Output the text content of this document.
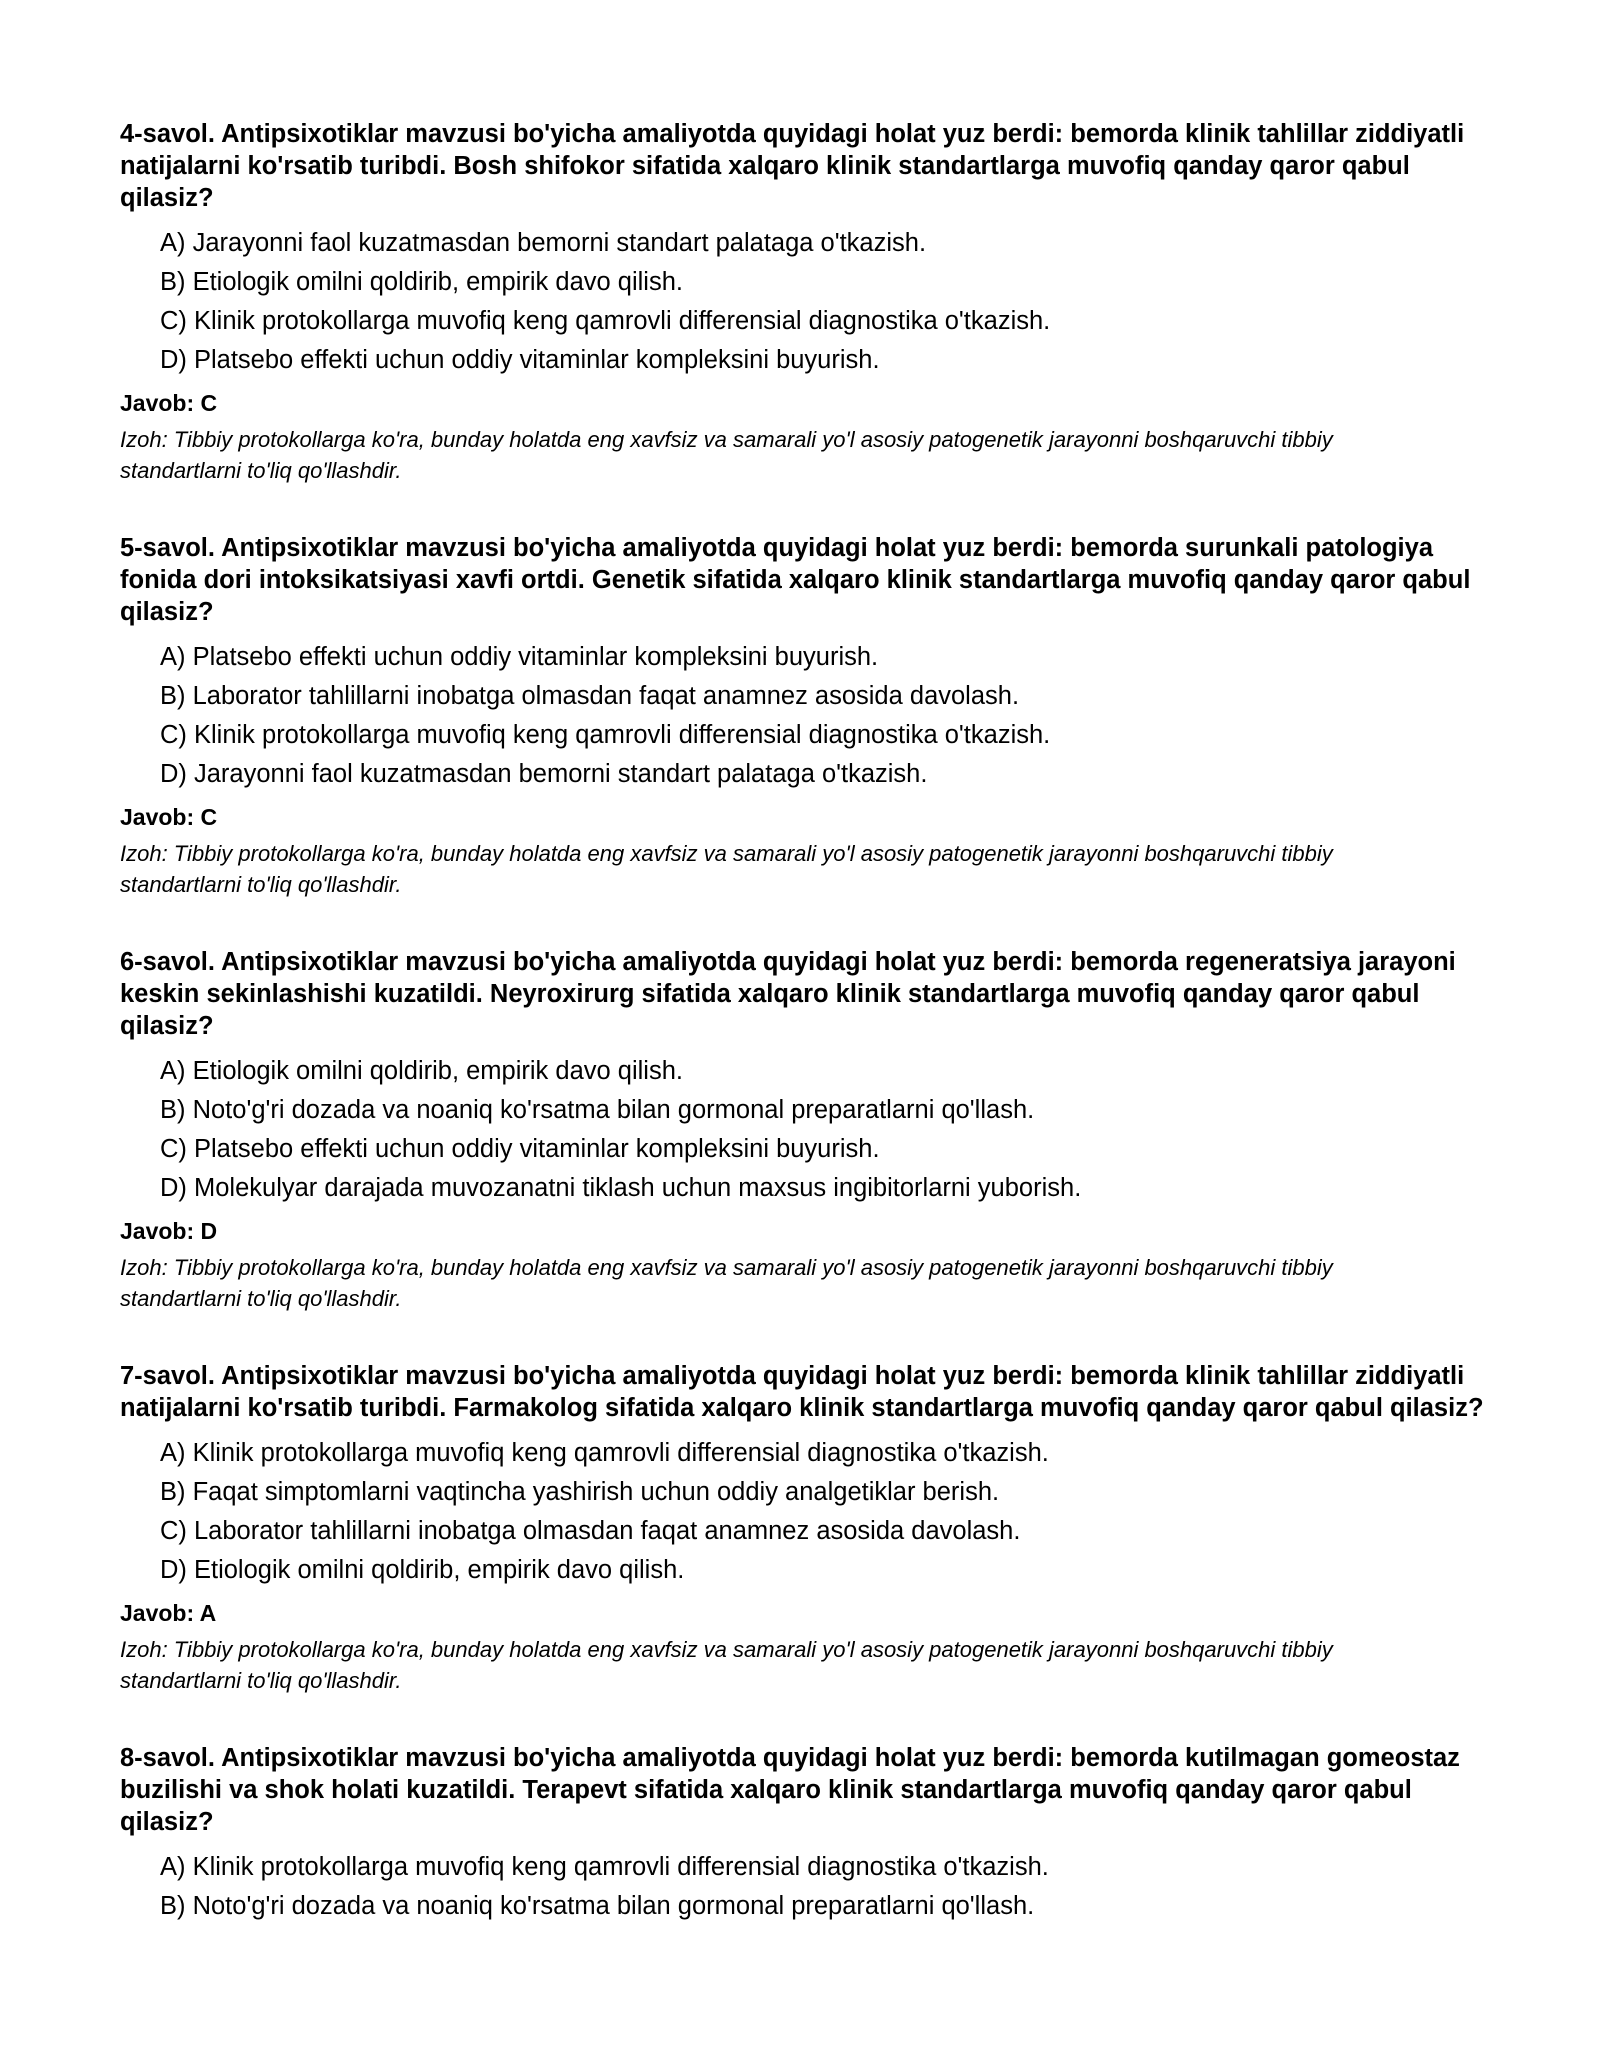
4-savol. Antipsixotiklar mavzusi bo'yicha amaliyotda quyidagi holat yuz berdi: bemorda klinik tahlillar ziddiyatli natijalarni ko'rsatib turibdi. Bosh shifokor sifatida xalqaro klinik standartlarga muvofiq qanday qaror qabul qilasiz?

A) Jarayonni faol kuzatmasdan bemorni standart palataga o'tkazish.
B) Etiologik omilni qoldirib, empirik davo qilish.
C) Klinik protokollarga muvofiq keng qamrovli differensial diagnostika o'tkazish.
D) Platsebo effekti uchun oddiy vitaminlar kompleksini buyurish.

Javob: C

Izoh: Tibbiy protokollarga ko'ra, bunday holatda eng xavfsiz va samarali yo'l asosiy patogenetik jarayonni boshqaruvchi tibbiy standartlarni to'liq qo'llashdir.

5-savol. Antipsixotiklar mavzusi bo'yicha amaliyotda quyidagi holat yuz berdi: bemorda surunkali patologiya fonida dori intoksikatsiyasi xavfi ortdi. Genetik sifatida xalqaro klinik standartlarga muvofiq qanday qaror qabul qilasiz?

A) Platsebo effekti uchun oddiy vitaminlar kompleksini buyurish.
B) Laborator tahlillarni inobatga olmasdan faqat anamnez asosida davolash.
C) Klinik protokollarga muvofiq keng qamrovli differensial diagnostika o'tkazish.
D) Jarayonni faol kuzatmasdan bemorni standart palataga o'tkazish.

Javob: C

Izoh: Tibbiy protokollarga ko'ra, bunday holatda eng xavfsiz va samarali yo'l asosiy patogenetik jarayonni boshqaruvchi tibbiy standartlarni to'liq qo'llashdir.

6-savol. Antipsixotiklar mavzusi bo'yicha amaliyotda quyidagi holat yuz berdi: bemorda regeneratsiya jarayoni keskin sekinlashishi kuzatildi. Neyroxirurg sifatida xalqaro klinik standartlarga muvofiq qanday qaror qabul qilasiz?

A) Etiologik omilni qoldirib, empirik davo qilish.
B) Noto'g'ri dozada va noaniq ko'rsatma bilan gormonal preparatlarni qo'llash.
C) Platsebo effekti uchun oddiy vitaminlar kompleksini buyurish.
D) Molekulyar darajada muvozanatni tiklash uchun maxsus ingibitorlarni yuborish.

Javob: D

Izoh: Tibbiy protokollarga ko'ra, bunday holatda eng xavfsiz va samarali yo'l asosiy patogenetik jarayonni boshqaruvchi tibbiy standartlarni to'liq qo'llashdir.

7-savol. Antipsixotiklar mavzusi bo'yicha amaliyotda quyidagi holat yuz berdi: bemorda klinik tahlillar ziddiyatli natijalarni ko'rsatib turibdi. Farmakolog sifatida xalqaro klinik standartlarga muvofiq qanday qaror qabul qilasiz?

A) Klinik protokollarga muvofiq keng qamrovli differensial diagnostika o'tkazish.
B) Faqat simptomlarni vaqtincha yashirish uchun oddiy analgetiklar berish.
C) Laborator tahlillarni inobatga olmasdan faqat anamnez asosida davolash.
D) Etiologik omilni qoldirib, empirik davo qilish.

Javob: A

Izoh: Tibbiy protokollarga ko'ra, bunday holatda eng xavfsiz va samarali yo'l asosiy patogenetik jarayonni boshqaruvchi tibbiy standartlarni to'liq qo'llashdir.

8-savol. Antipsixotiklar mavzusi bo'yicha amaliyotda quyidagi holat yuz berdi: bemorda kutilmagan gomeostaz buzilishi va shok holati kuzatildi. Terapevt sifatida xalqaro klinik standartlarga muvofiq qanday qaror qabul qilasiz?

A) Klinik protokollarga muvofiq keng qamrovli differensial diagnostika o'tkazish.
B) Noto'g'ri dozada va noaniq ko'rsatma bilan gormonal preparatlarni qo'llash.
